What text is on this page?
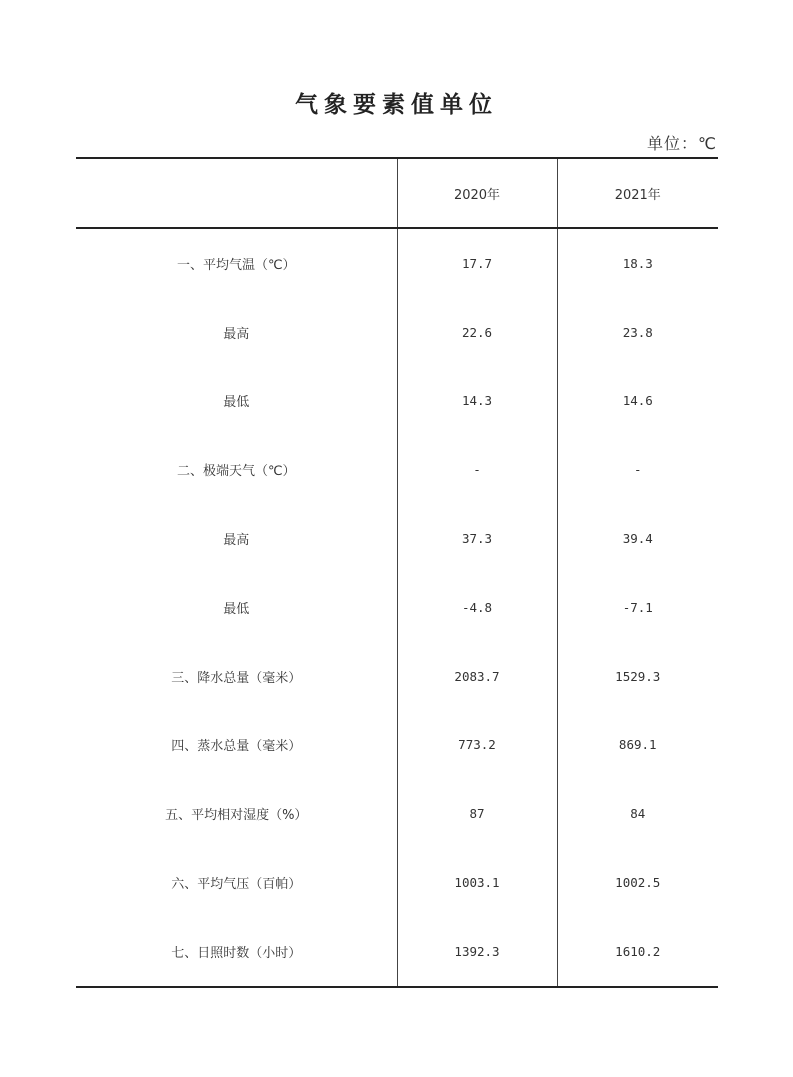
气象要素值单位
单位：℃
	2020年	2021年
一、平均气温（℃）	17.7	18.3
最高	22.6	23.8
最低	14.3	14.6
二、极端天气（℃）	-	-
最高	37.3	39.4
最低	-4.8	-7.1
三、降水总量（毫米）	2083.7	1529.3
四、蒸水总量（毫米）	773.2	869.1
五、平均相对湿度（%）	87	84
六、平均气压（百帕）	1003.1	1002.5
七、日照时数（小时）	1392.3	1610.2
